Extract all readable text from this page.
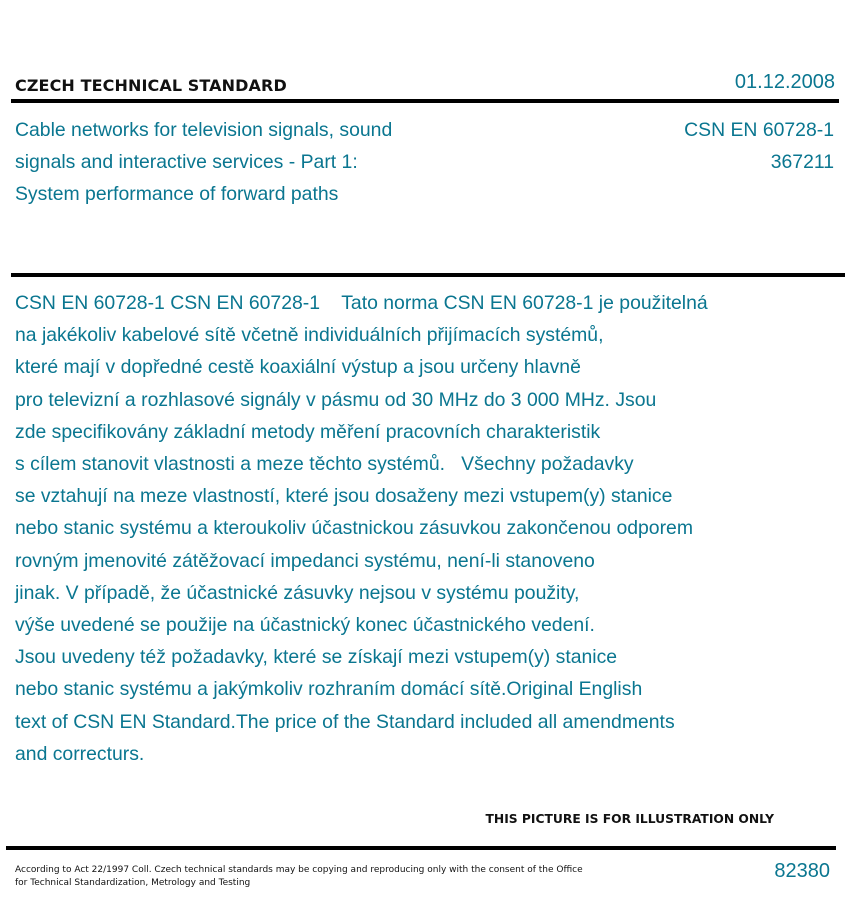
CZECH TECHNICAL STANDARD	01.12.2008
Cable networks for television signals, sound
signals and interactive services - Part 1:
System performance of forward paths
CSN EN 60728-1
367211
CSN EN 60728-1 CSN EN 60728-1    Tato norma CSN EN 60728-1 je použitelná
na jakékoliv kabelové sítě včetně individuálních přijímacích systémů,
které mají v dopředné cestě koaxiální výstup a jsou určeny hlavně
pro televizní a rozhlasové signály v pásmu od 30 MHz do 3 000 MHz. Jsou
zde specifikovány základní metody měření pracovních charakteristik
s cílem stanovit vlastnosti a meze těchto systémů.   Všechny požadavky
se vztahují na meze vlastností, které jsou dosaženy mezi vstupem(y) stanice
nebo stanic systému a kteroukoliv účastnickou zásuvkou zakončenou odporem
rovným jmenovité zátěžovací impedanci systému, není-li stanoveno
jinak. V případě, že účastnické zásuvky nejsou v systému použity,
výše uvedené se použije na účastnický konec účastnického vedení.
Jsou uvedeny též požadavky, které se získají mezi vstupem(y) stanice
nebo stanic systému a jakýmkoliv rozhraním domácí sítě.Original English
text of CSN EN Standard.The price of the Standard included all amendments
and correcturs.
THIS PICTURE IS FOR ILLUSTRATION ONLY
According to Act 22/1997 Coll. Czech technical standards may be copying and reproducing only with the consent of the Office
for Technical Standardization, Metrology and Testing
82380
